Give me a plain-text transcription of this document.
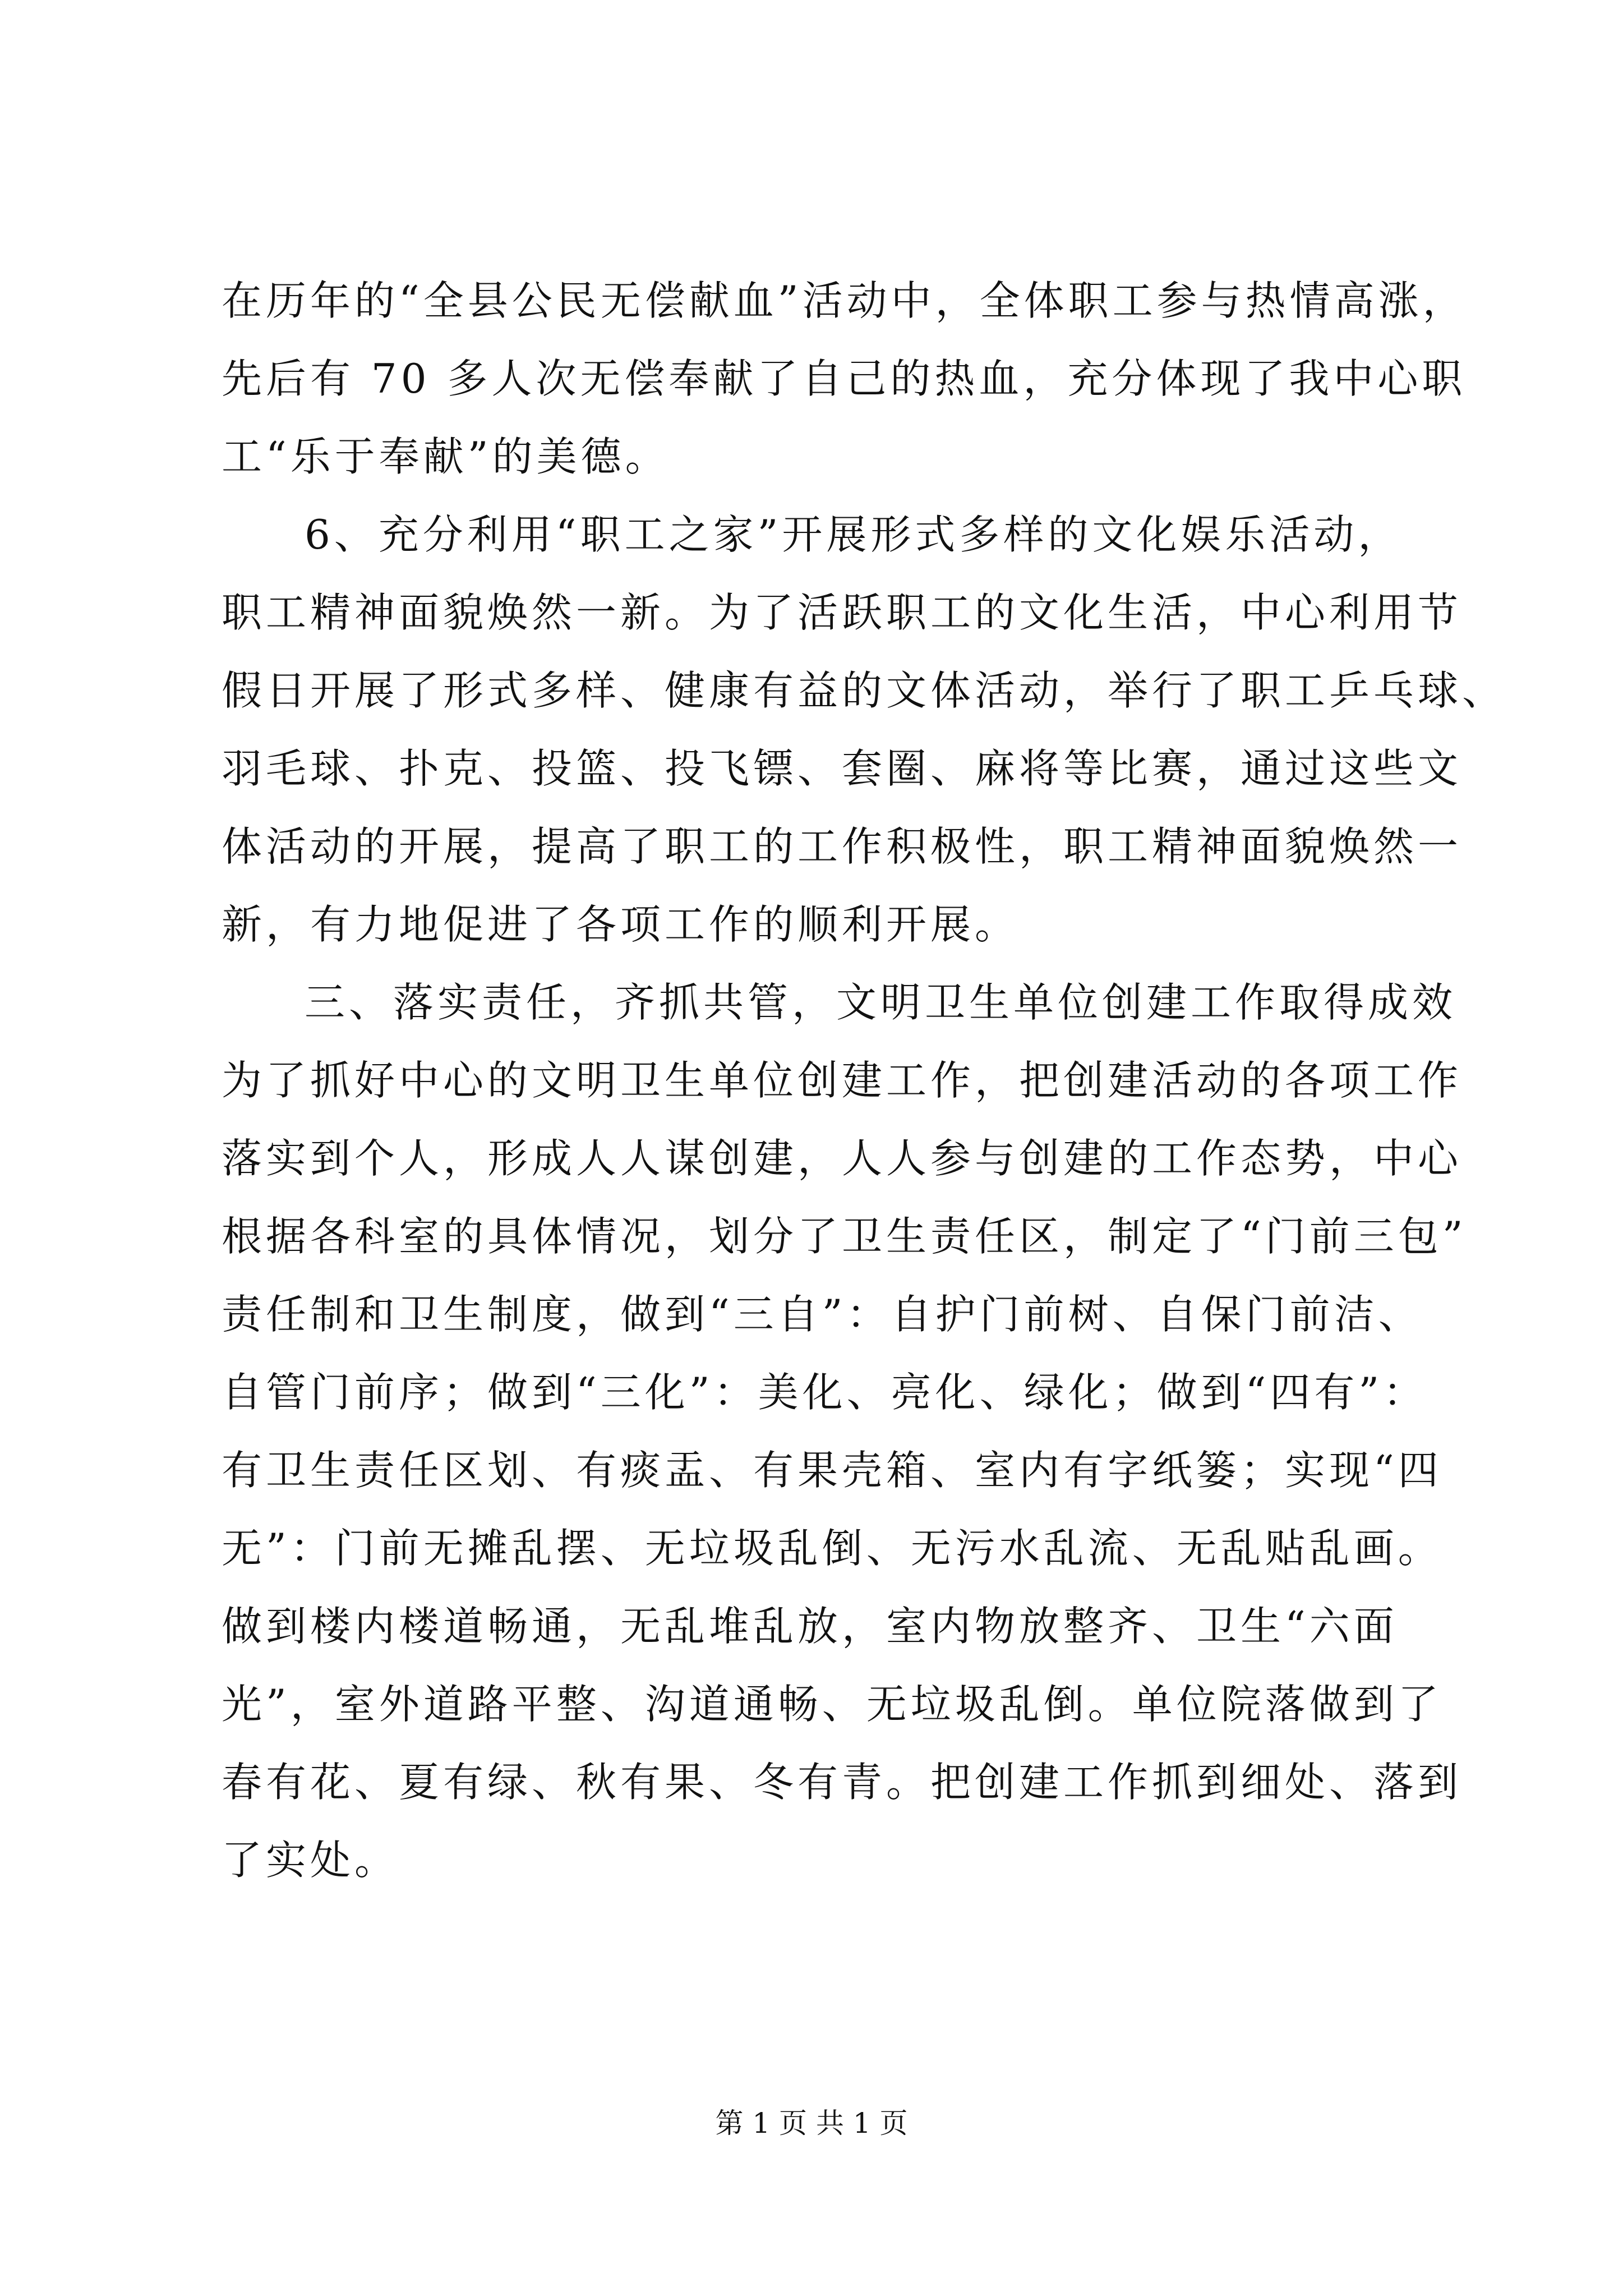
在历年的“全县公民无偿献血”活动中，全体职工参与热情高涨，
先后有 70 多人次无偿奉献了自己的热血，充分体现了我中心职
工“乐于奉献”的美德。
6、充分利用“职工之家”开展形式多样的文化娱乐活动，
职工精神面貌焕然一新。为了活跃职工的文化生活，中心利用节
假日开展了形式多样、健康有益的文体活动，举行了职工乒乓球、
羽毛球、扑克、投篮、投飞镖、套圈、麻将等比赛，通过这些文
体活动的开展，提高了职工的工作积极性，职工精神面貌焕然一
新，有力地促进了各项工作的顺利开展。
三、落实责任，齐抓共管，文明卫生单位创建工作取得成效
为了抓好中心的文明卫生单位创建工作，把创建活动的各项工作
落实到个人，形成人人谋创建，人人参与创建的工作态势，中心
根据各科室的具体情况，划分了卫生责任区，制定了“门前三包”
责任制和卫生制度，做到“三自”：自护门前树、自保门前洁、
自管门前序；做到“三化”：美化、亮化、绿化；做到“四有”：
有卫生责任区划、有痰盂、有果壳箱、室内有字纸篓；实现“四
无”：门前无摊乱摆、无垃圾乱倒、无污水乱流、无乱贴乱画。
做到楼内楼道畅通，无乱堆乱放，室内物放整齐、卫生“六面
光”，室外道路平整、沟道通畅、无垃圾乱倒。单位院落做到了
春有花、夏有绿、秋有果、冬有青。把创建工作抓到细处、落到
了实处。
第 1 页 共 1 页
